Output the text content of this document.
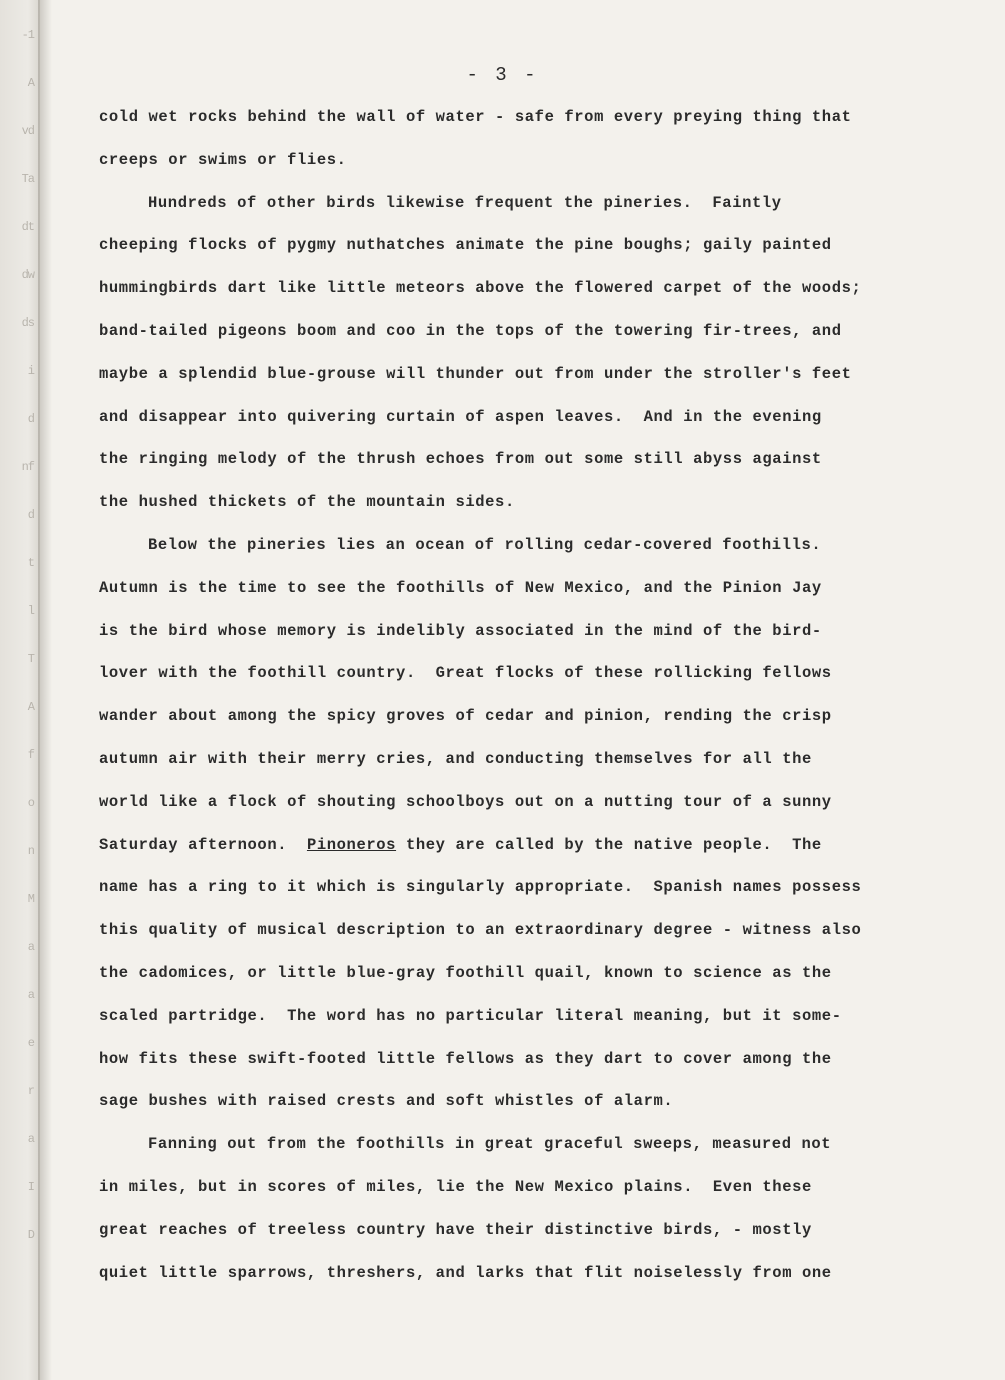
-1
A
vd
Ta
dt
dw
ds
i
d
nf
d
t
l
T
A
f
o
n
M
a
a
e
r
a
I
D
- 3 -
cold wet rocks behind the wall of water - safe from every preying thing that
creeps or swims or flies.
Hundreds of other birds likewise frequent the pineries.  Faintly
cheeping flocks of pygmy nuthatches animate the pine boughs; gaily painted
hummingbirds dart like little meteors above the flowered carpet of the woods;
band-tailed pigeons boom and coo in the tops of the towering fir-trees, and
maybe a splendid blue-grouse will thunder out from under the stroller's feet
and disappear into quivering curtain of aspen leaves.  And in the evening
the ringing melody of the thrush echoes from out some still abyss against
the hushed thickets of the mountain sides.
Below the pineries lies an ocean of rolling cedar-covered foothills.
Autumn is the time to see the foothills of New Mexico, and the Pinion Jay
is the bird whose memory is indelibly associated in the mind of the bird-
lover with the foothill country.  Great flocks of these rollicking fellows
wander about among the spicy groves of cedar and pinion, rending the crisp
autumn air with their merry cries, and conducting themselves for all the
world like a flock of shouting schoolboys out on a nutting tour of a sunny
Saturday afternoon.  Pinoneros they are called by the native people.  The
name has a ring to it which is singularly appropriate.  Spanish names possess
this quality of musical description to an extraordinary degree - witness also
the cadomices, or little blue-gray foothill quail, known to science as the
scaled partridge.  The word has no particular literal meaning, but it some-
how fits these swift-footed little fellows as they dart to cover among the
sage bushes with raised crests and soft whistles of alarm.
Fanning out from the foothills in great graceful sweeps, measured not
in miles, but in scores of miles, lie the New Mexico plains.  Even these
great reaches of treeless country have their distinctive birds, - mostly
quiet little sparrows, threshers, and larks that flit noiselessly from one
